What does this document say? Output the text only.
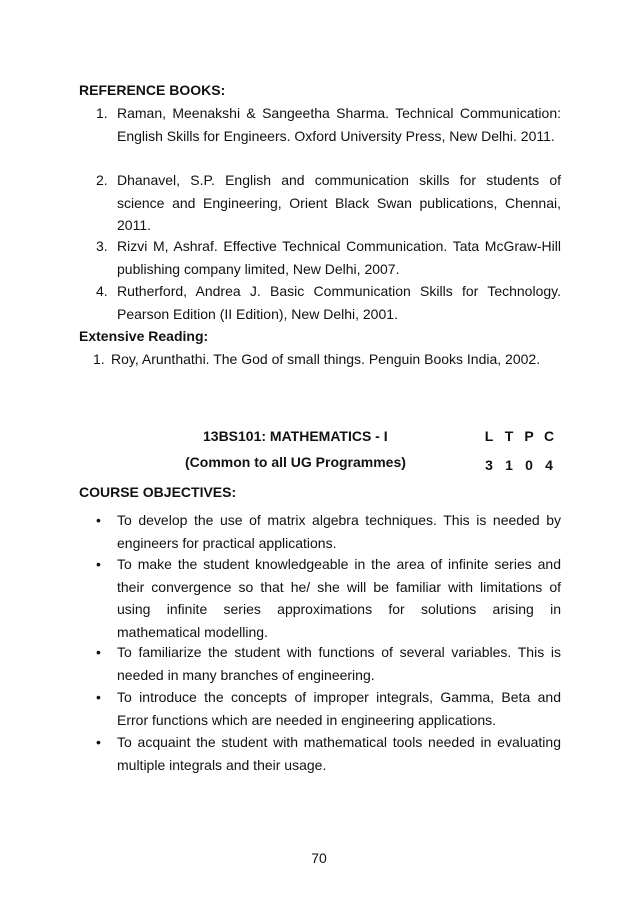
REFERENCE BOOKS:
1. Raman, Meenakshi & Sangeetha Sharma. Technical Communication: English Skills for Engineers. Oxford University Press, New Delhi. 2011.
2. Dhanavel, S.P. English and communication skills for students of science and Engineering, Orient Black Swan publications, Chennai, 2011.
3. Rizvi M, Ashraf. Effective Technical Communication. Tata McGraw-Hill publishing company limited, New Delhi, 2007.
4. Rutherford, Andrea J. Basic Communication Skills for Technology. Pearson Edition (II Edition), New Delhi, 2001.
Extensive Reading:
1. Roy, Arunthathi. The God of small things. Penguin Books India, 2002.
13BS101: MATHEMATICS - I
(Common to all UG Programmes)
L T P C
3 1 0 4
COURSE OBJECTIVES:
• To develop the use of matrix algebra techniques. This is needed by engineers for practical applications.
• To make the student knowledgeable in the area of infinite series and their convergence so that he/ she will be familiar with limitations of using infinite series approximations for solutions arising in mathematical modelling.
• To familiarize the student with functions of several variables. This is needed in many branches of engineering.
• To introduce the concepts of improper integrals, Gamma, Beta and Error functions which are needed in engineering applications.
• To acquaint the student with mathematical tools needed in evaluating multiple integrals and their usage.
70
